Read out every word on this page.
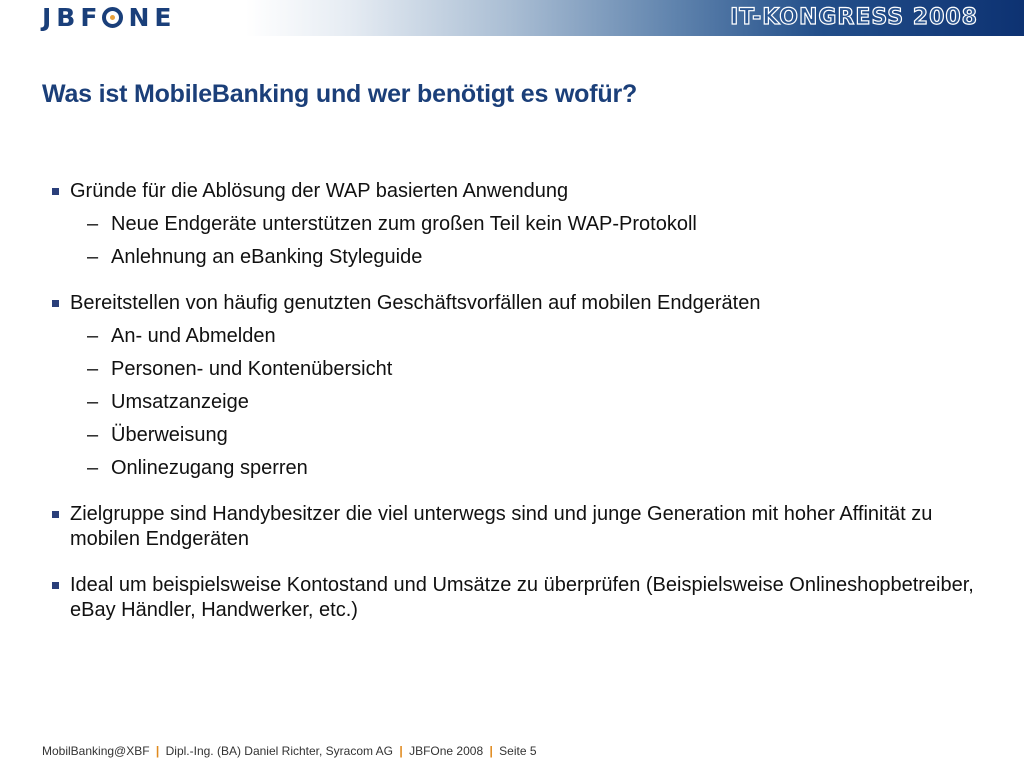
JBF NE	IT-KONGRESS 2008
Was ist MobileBanking und wer benötigt es wofür?
Gründe für die Ablösung der WAP basierten Anwendung
– Neue Endgeräte unterstützen zum großen Teil kein WAP-Protokoll
– Anlehnung an eBanking Styleguide
Bereitstellen von häufig genutzten Geschäftsvorfällen auf mobilen Endgeräten
– An- und Abmelden
– Personen- und Kontenübersicht
– Umsatzanzeige
– Überweisung
– Onlinezugang sperren
Zielgruppe sind Handybesitzer die viel unterwegs sind und junge Generation mit hoher Affinität zu mobilen Endgeräten
Ideal um beispielsweise Kontostand und Umsätze zu überprüfen (Beispielsweise Onlineshopbetreiber, eBay Händler, Handwerker, etc.)
MobilBanking@XBF | Dipl.-Ing. (BA) Daniel Richter, Syracom AG | JBFOne 2008 | Seite 5
